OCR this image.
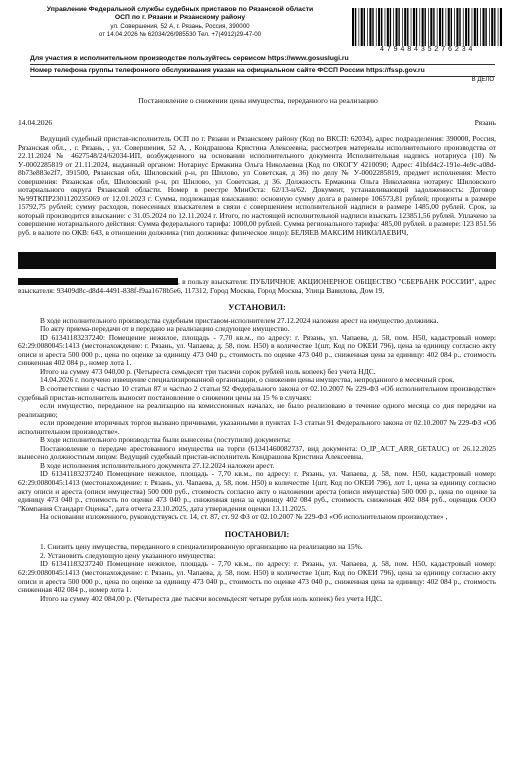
Управление Федеральной службы судебных приставов по Рязанской области
ОСП по г. Рязани и Рязанскому району
ул. Совершения, 52 А, г. Рязань, Россия, 390000
от 14.04.2026 № 62034/26/985530 Тел. +7(4912)29-47-00
47948435276234
Для участия в исполнительном производстве пользуйтесь сервисом https://www.gosuslugi.ru
Номер телефона группы телефонного обслуживания указан на официальном сайте ФССП России https://fssp.gov.ru
В ДЕЛО
Постановление о снижении цены имущества, переданного на реализацию
14.04.2026	Рязань

Ведущий судебный пристав-исполнитель ОСП по г. Рязани и Рязанскому району (Код по ВКСП: 62034), адрес подразделения: 390000, Россия, Рязанская обл., , г. Рязань, , ул. Совершения, 52 А, , Кондрашова Кристина Алексеевна, рассмотрев материалы исполнительного производства от 22.11.2024 № 4627548/24/62034-ИП, возбужденного на основании исполнительного документа Исполнительная надпись нотариуса (10) № У-0002285819 от 21.11.2024, выданный органом: Нотариус Ермакина Ольга Николаевна (Код по ОКОГУ 4210090; Адрес: 41bfd4c2-191e-4e9c-a08d-8b73e883e2f7, 391500, Рязанская обл, Шиловский р-н, рп Шилово, ул Советская, д 36) по делу № У-0002285819, предмет исполнения: Место совершения: Рязанская обл, Шиловский р-н, рп Шилово, ул Советская, д 36. Должность Ермакина Ольга Николаевна нотариус Шиловского нотариального округа Рязанской области. Номер в реестре МинОста: 62/13-н/62. Документ, устанавливающий задолженность: Договор №99ТКПР2301120235069 от 12.01.2023 г. Сумма, подлежащая взысканию: основную сумму долга в размере 106573,81 рублей; проценты в размере 15792,75 рублей; сумму расходов, понесенных взыскателем в связи с совершением исполнительной надписи в размере 1485,00 рублей. Срок, за который производится взыскание: с 31.05.2024 по 12.11.2024 г. Итого, по настоящей исполнительной надписи взыскать 123851,56 рублей. Уплачено за совершение нотариального действия: Сумма федерального тарифа: 1000,00 рублей. Сумма регионального тарифа: 485,00 рублей. в размере: 123 851.56 руб. в валюте по ОКВ: 643, в отношении должника (тип должника: физическое лицо): БЕЛЯЕВ МАКСИМ НИКОЛАЕВИЧ,

, в пользу взыскателя: ПУБЛИЧНОЕ АКЦИОНЕРНОЕ ОБЩЕСТВО "СБЕРБАНК РОССИИ", адрес взыскателя: 93409d8c-d8d4-4491-838f-f9aa1678b5e6, 117312, Город Москва, Город Москва, Улица Вавилова, Дом 19,

УСТАНОВИЛ:

В ходе исполнительного производства судебным приставом-исполнителем 27.12.2024 наложен арест на имущество должника.

По акту приема-передачи от в передано на реализацию следующее имущество.

ID 61341183237240: Помещение нежилое, площадь - 7,70 кв.м., по адресу: г. Рязань, ул. Чапаева, д. 58, пом. Н50, кадастровый номер: 62:29:0080045:1413 (местонахождение: г. Рязань, ул. Чапаева, д. 58, пом. Н50) в количестве 1(шт, Код по ОКЕИ 796), цена за единицу согласно акту описи и ареста 500 000 р., цена по оценке за единицу 473 040 р., стоимость по оценке 473 040 р., сниженная цена за единицу: 402 084 р., стоимость сниженная 402 084 р., номер лота 1.

Итого на сумму 473 040,00 р. (Четыреста семьдесят три тысячи сорок рублей ноль копеек) без учета НДС.

14.04.2026 г. получено извещение специализированной организации, о снижении цены имущества, непроданного в месячный срок.

В соответствии с частью 10 статьи 87 и частью 2 статьи 92 Федерального закона от 02.10.2007 № 229-ФЗ «Об исполнительном производстве» судебный пристав-исполнитель выносит постановление о снижении цены на 15 % в случаях:

если имущество, переданное на реализацию на комиссионных началах, не было реализовано в течение одного месяца со дня передачи на реализацию;

если проведение вторичных торгов вызвано причинами, указанными в пунктах 1-3 статьи 91 Федерального закона от 02.10.2007 № 229-ФЗ «Об исполнительном производстве».

В ходе исполнительного производства были вынесены (поступили) документы:

Постановление о передаче арестованного имущества на торги (61341460082737, вид документа: O_IP_ACT_ARR_GETAUC) от 26.12.2025 вынесено должностным лицом: Ведущий судебный пристав-исполнитель Кондрашова Кристина Алексеевна.

В ходе исполнения исполнительного документа 27.12.2024 наложен арест.

ID 61341183237240 Помещение нежилое, площадь - 7,70 кв.м., по адресу: г. Рязань, ул. Чапаева, д. 58, пом. Н50, кадастровый номер: 62:29:0080045:1413 (местонахождение: г. Рязань, ул. Чапаева, д. 58, пом. Н50) в количестве 1(шт, Код по ОКЕИ 796), лот 1, цена за единицу согласно акту описи и ареста (описи имущества) 500 000 руб., стоимость согласно акту о наложении ареста (описи имущества) 500 000 р., цена по оценке за единицу 473 040 р., стоимость по оценке 473 040 р., сниженная цена за единицу 402 084 руб., стоимость сниженная 402 084 руб., оценщик ООО "Компания Стандарт Оценка", дата отчета 23.10.2025, дата утверждения оценки 13.11.2025.

На основании изложенного, руководствуясь ст. 14, ст. 87, ст. 92 ФЗ от 02.10.2007 № 229-ФЗ «Об исполнительном производстве» ,

ПОСТАНОВИЛ:

1. Снизить цену имущества, переданного в специализированную организацию на реализацию на 15%.

2. Установить следующую цену указанного имущества:

ID 61341183237240 Помещение нежилое, площадь - 7,70 кв.м., по адресу: г. Рязань, ул. Чапаева, д. 58, пом. Н50, кадастровый номер: 62:29:0080045:1413 (местонахождение: г. Рязань, ул. Чапаева, д. 58, пом. Н50) в количестве 1(шт, Код по ОКЕИ 796), цена за единицу согласно акту описи и ареста 500 000 р., цена по оценке за единицу 473 040 р., стоимость по оценке 473 040 р., сниженная цена за единицу: 402 084 р., стоимость сниженная 402 084 р., номер лота 1.

Итого на сумму 402 084,00 р. (Четыреста две тысячи восемьдесят четыре рубля ноль копеек) без учета НДС.
